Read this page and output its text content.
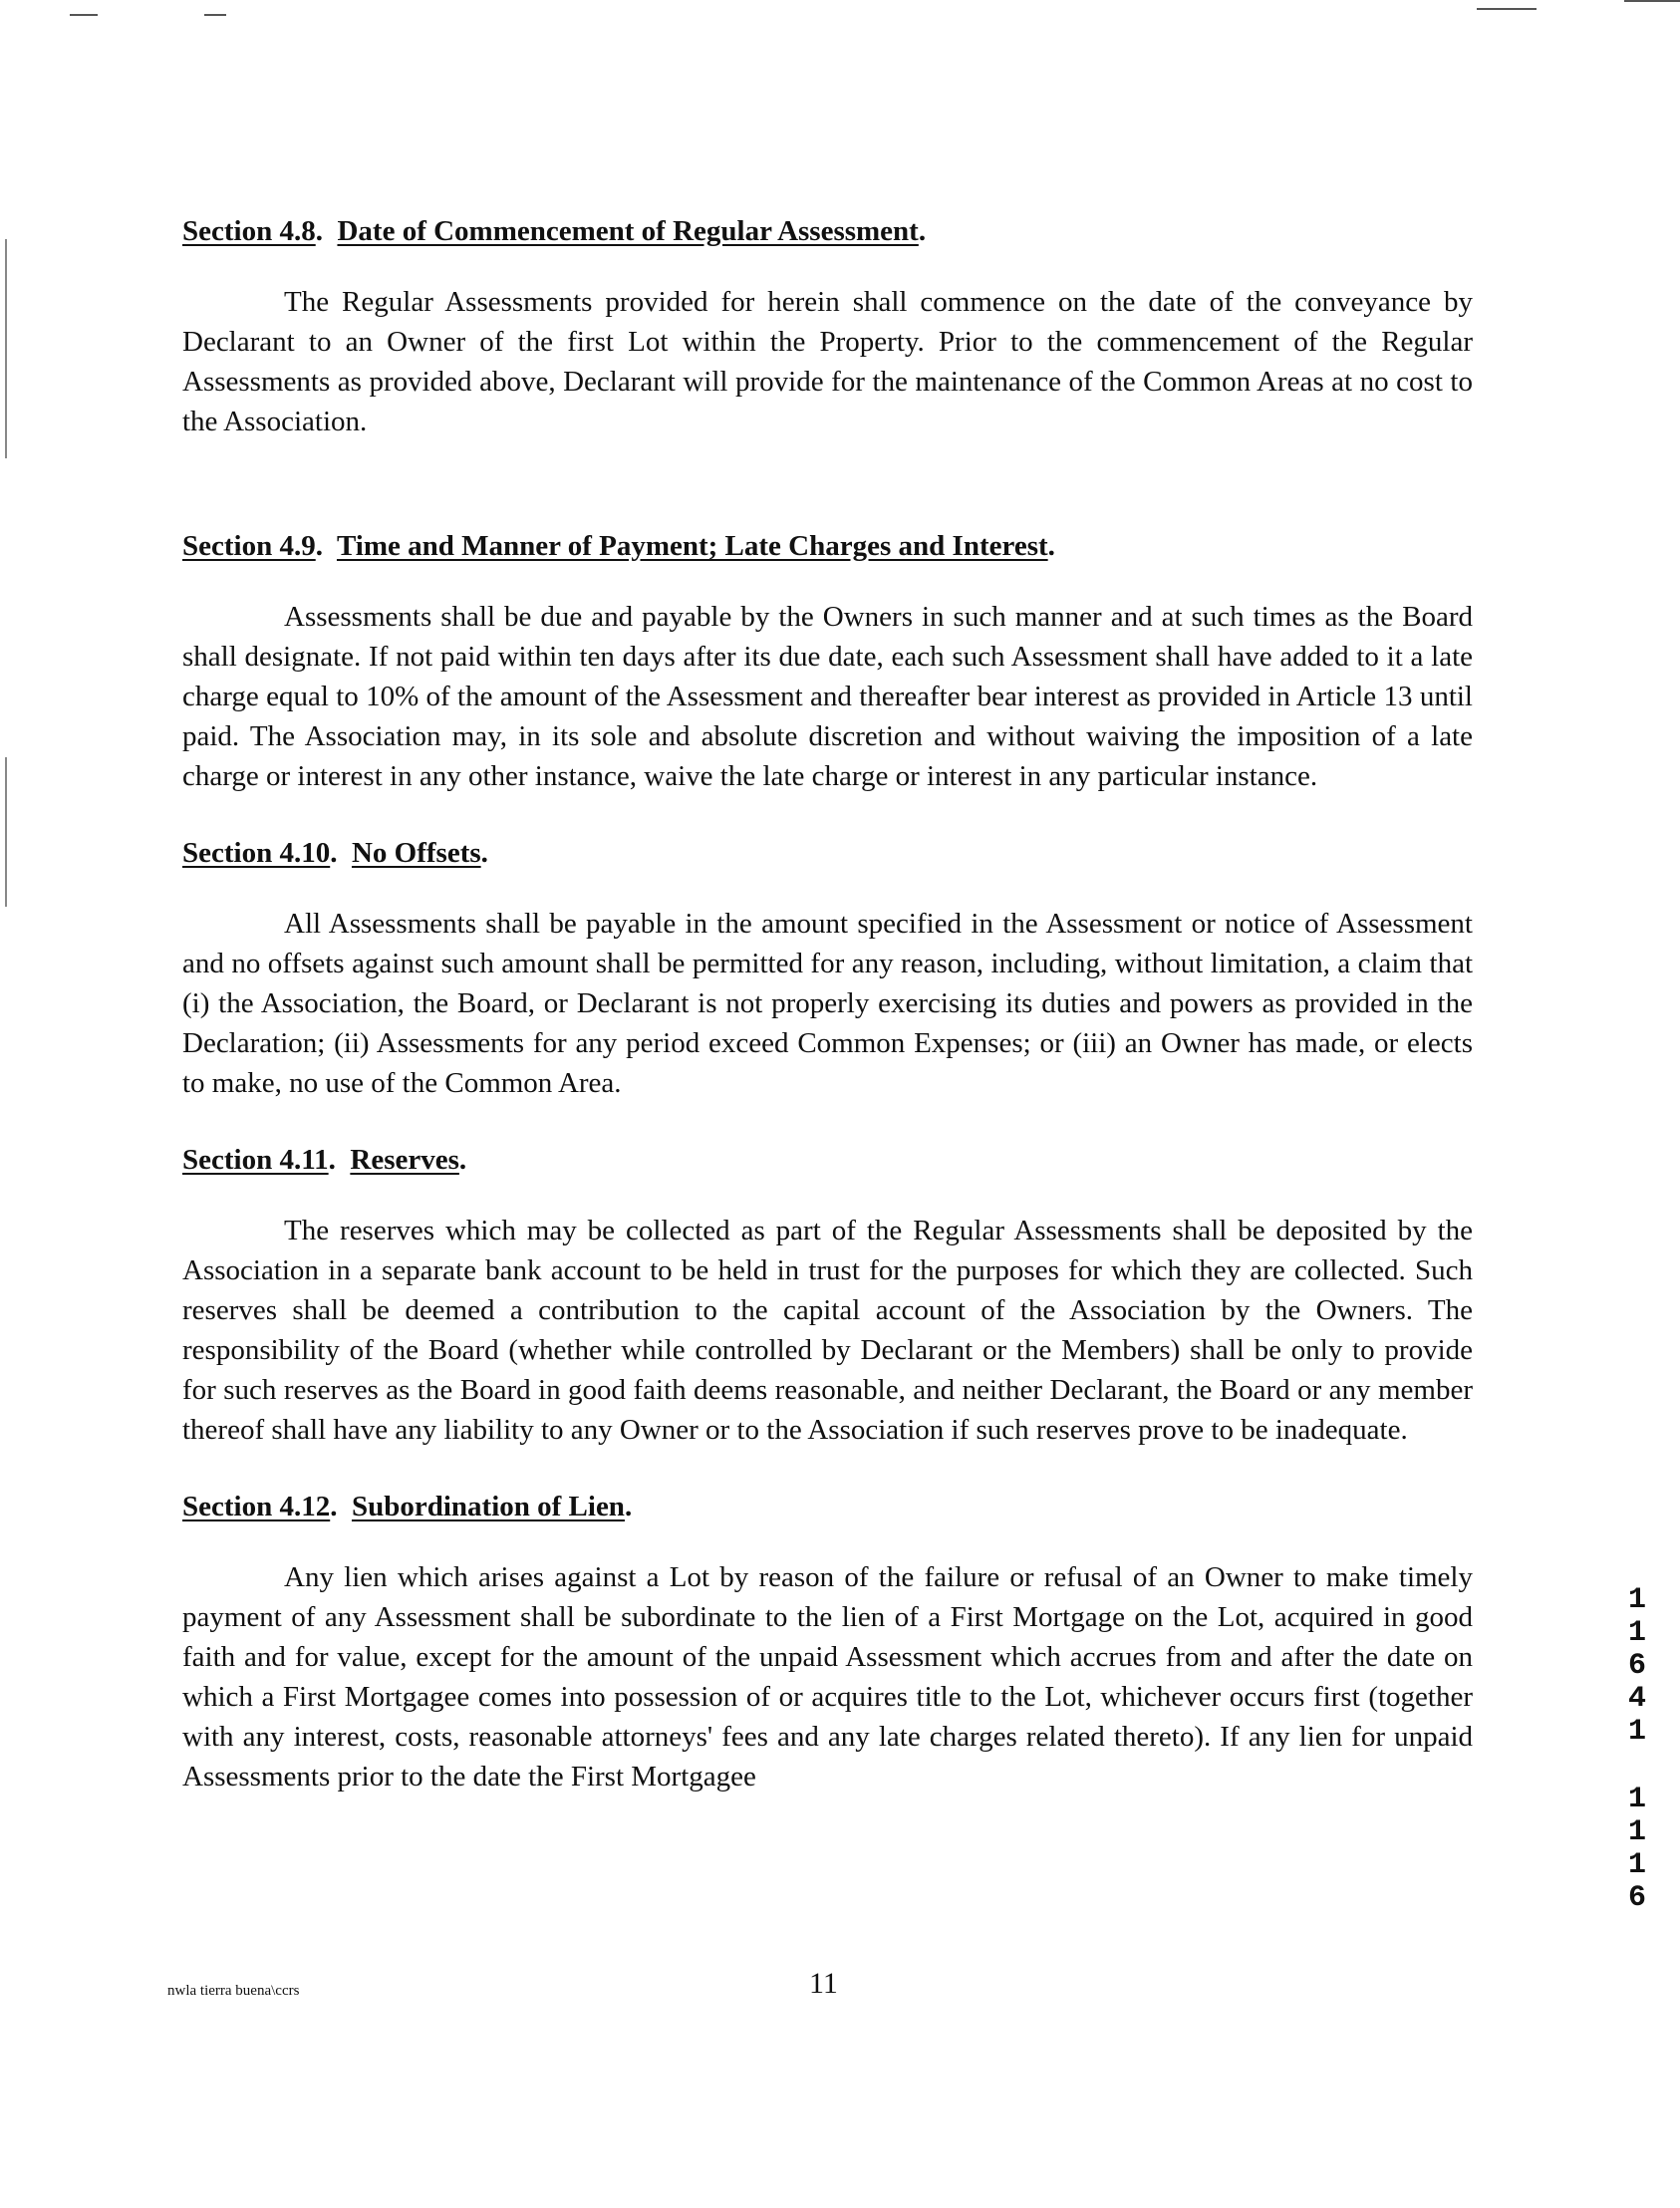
Section 4.8.  Date of Commencement of Regular Assessment.

The Regular Assessments provided for herein shall commence on the date of the conveyance by Declarant to an Owner of the first Lot within the Property. Prior to the commencement of the Regular Assessments as provided above, Declarant will provide for the maintenance of the Common Areas at no cost to the Association.

Section 4.9.  Time and Manner of Payment; Late Charges and Interest.

Assessments shall be due and payable by the Owners in such manner and at such times as the Board shall designate. If not paid within ten days after its due date, each such Assessment shall have added to it a late charge equal to 10% of the amount of the Assessment and thereafter bear interest as provided in Article 13 until paid. The Association may, in its sole and absolute discretion and without waiving the imposition of a late charge or interest in any other instance, waive the late charge or interest in any particular instance.

Section 4.10.  No Offsets.

All Assessments shall be payable in the amount specified in the Assessment or notice of Assessment and no offsets against such amount shall be permitted for any reason, including, without limitation, a claim that (i) the Association, the Board, or Declarant is not properly exercising its duties and powers as provided in the Declaration; (ii) Assessments for any period exceed Common Expenses; or (iii) an Owner has made, or elects to make, no use of the Common Area.

Section 4.11.  Reserves.

The reserves which may be collected as part of the Regular Assessments shall be deposited by the Association in a separate bank account to be held in trust for the purposes for which they are collected. Such reserves shall be deemed a contribution to the capital account of the Association by the Owners. The responsibility of the Board (whether while controlled by Declarant or the Members) shall be only to provide for such reserves as the Board in good faith deems reasonable, and neither Declarant, the Board or any member thereof shall have any liability to any Owner or to the Association if such reserves prove to be inadequate.

Section 4.12.  Subordination of Lien.

Any lien which arises against a Lot by reason of the failure or refusal of an Owner to make timely payment of any Assessment shall be subordinate to the lien of a First Mortgage on the Lot, acquired in good faith and for value, except for the amount of the unpaid Assessment which accrues from and after the date on which a First Mortgagee comes into possession of or acquires title to the Lot, whichever occurs first (together with any interest, costs, reasonable attorneys' fees and any late charges related thereto). If any lien for unpaid Assessments prior to the date the First Mortgagee

1
1
6
4
1
1
1
1
6
11
nwla tierra buena\ccrs
